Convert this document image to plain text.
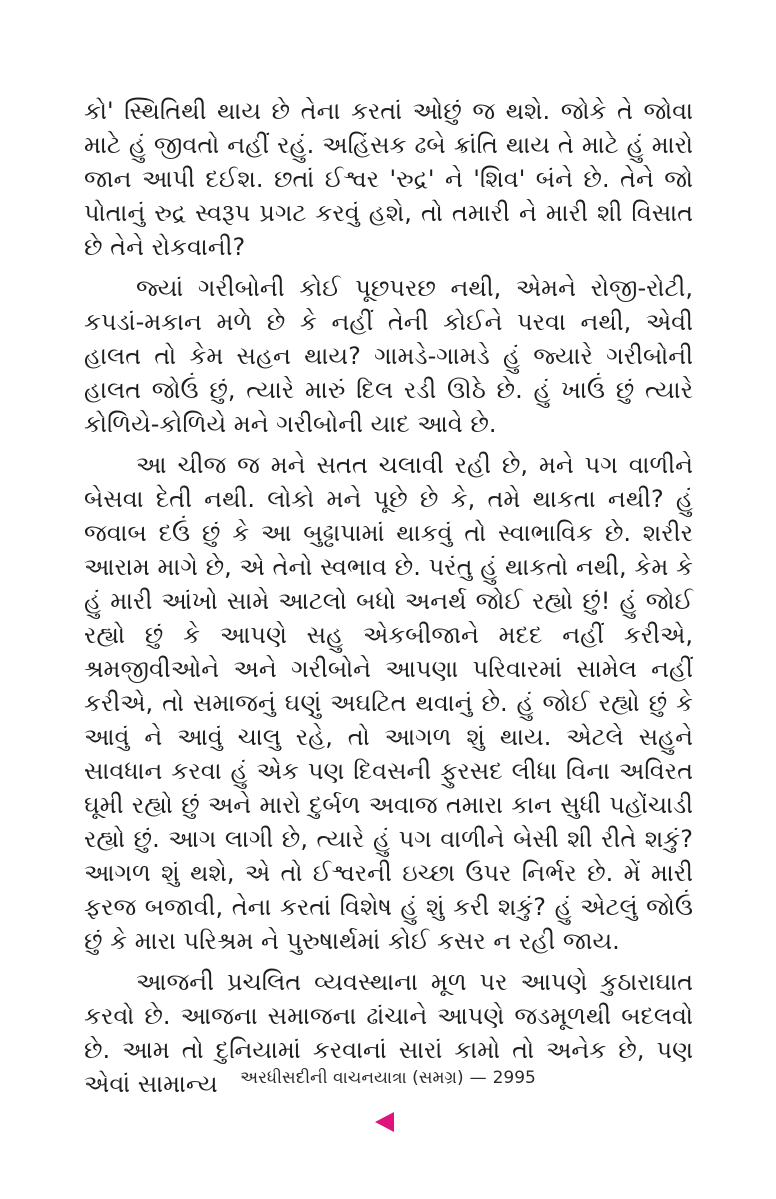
કો' સ્થિતિથી થાય છે તેના કરતાં ઓછું જ થશે. જોકે તે જોવા માટે હું જીવતો નહીં રહું. અહિંસક ઢબે ક્રાંતિ થાય તે માટે હું મારો જાન આપી દઈશ. છતાં ઈશ્વર 'રુદ્ર' ને 'શિવ' બંને છે. તેને જો પોતાનું રુદ્ર સ્વરૂપ પ્રગટ કરવું હશે, તો તમારી ને મારી શી વિસાત છે તેને રોકવાની?

જ્યાં ગરીબોની કોઈ પૂછપરછ નથી, એમને રોજી-રોટી, કપડાં-મકાન મળે છે કે નહીં તેની કોઈને પરવા નથી, એવી હાલત તો કેમ સહન થાય? ગામડે-ગામડે હું જ્યારે ગરીબોની હાલત જોઉં છું, ત્યારે મારું દિલ રડી ઊઠે છે. હું ખાઉં છું ત્યારે કોળિયે-કોળિયે મને ગરીબોની યાદ આવે છે.

આ ચીજ જ મને સતત ચલાવી રહી છે, મને પગ વાળીને બેસવા દેતી નથી. લોકો મને પૂછે છે કે, તમે થાકતા નથી? હું જવાબ દઉં છું કે આ બુઢ્ઢાપામાં થાકવું તો સ્વાભાવિક છે. શરીર આરામ માગે છે, એ તેનો સ્વભાવ છે. પરંતુ હું થાકતો નથી, કેમ કે હું મારી આંખો સામે આટલો બધો અનર્થ જોઈ રહ્યો છું! હું જોઈ રહ્યો છું કે આપણે સહુ એકબીજાને મદદ નહીં કરીએ, શ્રમજીવીઓને અને ગરીબોને આપણા પરિવારમાં સામેલ નહીં કરીએ, તો સમાજનું ઘણું અઘટિત થવાનું છે. હું જોઈ રહ્યો છું કે આવું ને આવું ચાલુ રહે, તો આગળ શું થાય. એટલે સહુને સાવધાન કરવા હું એક પણ દિવસની ફુરસદ લીધા વિના અવિરત ઘૂમી રહ્યો છું અને મારો દુર્બળ અવાજ તમારા કાન સુધી પહોંચાડી રહ્યો છું. આગ લાગી છે, ત્યારે હું પગ વાળીને બેસી શી રીતે શકું? આગળ શું થશે, એ તો ઈશ્વરની ઇચ્છા ઉપર નિર્ભર છે. મેં મારી ફરજ બજાવી, તેના કરતાં વિશેષ હું શું કરી શકું? હું એટલું જોઉં છું કે મારા પરિશ્રમ ને પુરુષાર્થમાં કોઈ કસર ન રહી જાય.

આજની પ્રચલિત વ્યવસ્થાના મૂળ પર આપણે કુઠારાઘાત કરવો છે. આજના સમાજના ઢાંચાને આપણે જડમૂળથી બદલવો છે. આમ તો દુનિયામાં કરવાનાં સારાં કામો તો અનેક છે, પણ એવાં સામાન્ય	અરધીસદીની વાચનયાત્રા (સમગ્ર) — 2995
